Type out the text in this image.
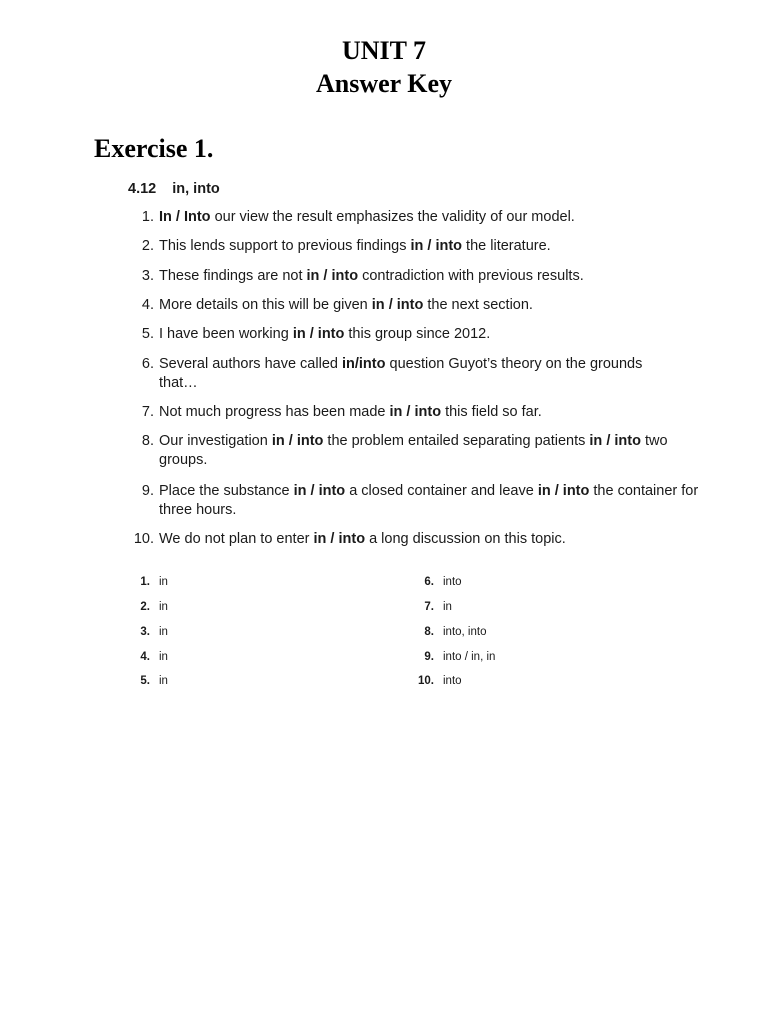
UNIT 7
Answer Key
Exercise 1.
4.12 in, into
1. In / Into our view the result emphasizes the validity of our model.
2. This lends support to previous findings in / into the literature.
3. These findings are not in / into contradiction with previous results.
4. More details on this will be given in / into the next section.
5. I have been working in / into this group since 2012.
6. Several authors have called in/into question Guyot’s theory on the grounds that…
7. Not much progress has been made in / into this field so far.
8. Our investigation in / into the problem entailed separating patients in / into two groups.
9. Place the substance in / into a closed container and leave in / into the container for three hours.
10. We do not plan to enter in / into a long discussion on this topic.
1. in
2. in
3. in
4. in
5. in
6. into
7. in
8. into, into
9. into / in, in
10. into
